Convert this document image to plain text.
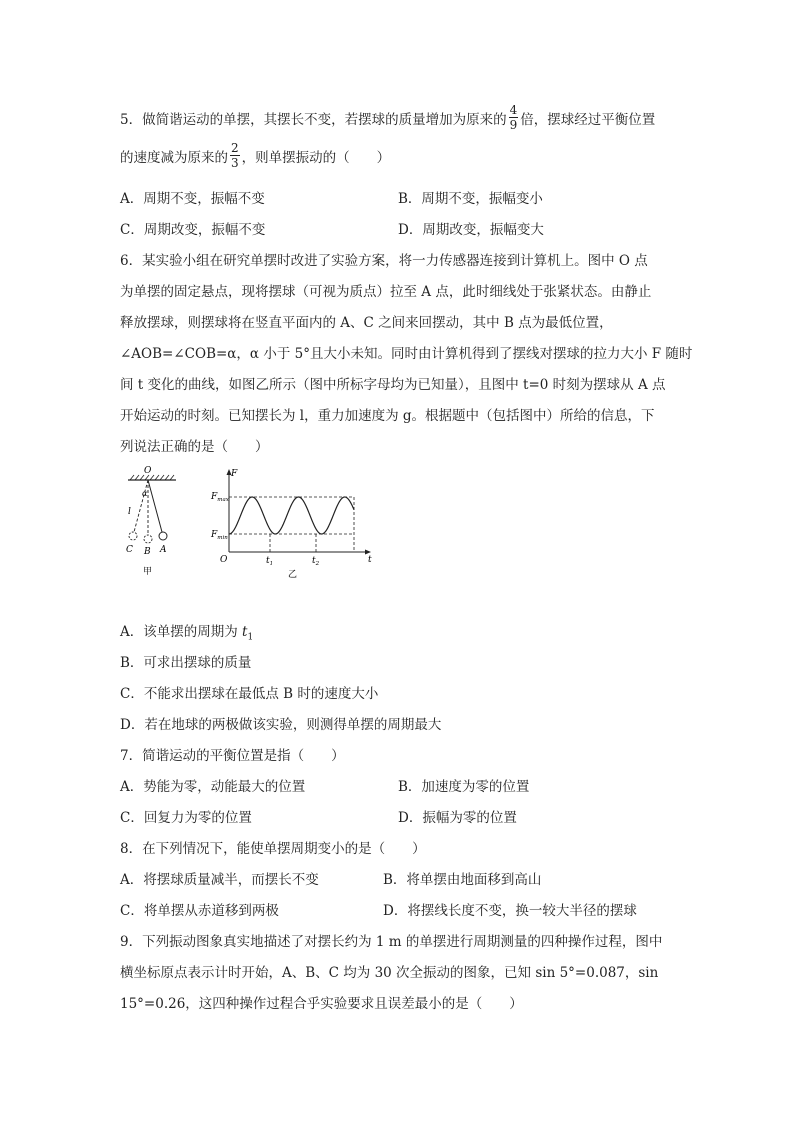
5．做简谐运动的单摆，其摆长不变，若摆球的质量增加为原来的 $\frac{4}{9}$ 倍，摆球经过平衡位置
的速度减为原来的 $\frac{2}{3}$ ，则单摆振动的（　　）
A．周期不变，振幅不变	B．周期不变，振幅变小
C．周期改变，振幅不变	D．周期改变，振幅变大
6．某实验小组在研究单摆时改进了实验方案，将一力传感器连接到计算机上。图中 O 点
为单摆的固定悬点，现将摆球（可视为质点）拉至 A 点，此时细线处于张紧状态。由静止
释放摆球，则摆球将在竖直平面内的 A、C 之间来回摆动，其中 B 点为最低位置，
∠AOB=∠COB=α，α 小于 5°且大小未知。同时由计算机得到了摆线对摆球的拉力大小 F 随时
间 t 变化的曲线，如图乙所示（图中所标字母均为已知量），且图中 t=0 时刻为摆球从 A 点
开始运动的时刻。已知摆长为 l，重力加速度为 g。根据题中（包括图中）所给的信息，下
列说法正确的是（　　）
O
α
l
A
B
C
甲
F
$F_{max}$
$F_{min}$
O	$t_1$	$t_2$	t
乙
A．该单摆的周期为 $t_1$
B．可求出摆球的质量
C．不能求出摆球在最低点 B 时的速度大小
D．若在地球的两极做该实验，则测得单摆的周期最大
7．简谐运动的平衡位置是指（　　）
A．势能为零，动能最大的位置	B．加速度为零的位置
C．回复力为零的位置	D．振幅为零的位置
8．在下列情况下，能使单摆周期变小的是（　　）
A．将摆球质量减半，而摆长不变	B．将单摆由地面移到高山
C．将单摆从赤道移到两极	D．将摆线长度不变，换一较大半径的摆球
9．下列振动图象真实地描述了对摆长约为 1 m 的单摆进行周期测量的四种操作过程，图中
横坐标原点表示计时开始，A、B、C 均为 30 次全振动的图象，已知 sin 5°=0.087，sin
15°=0.26，这四种操作过程合乎实验要求且误差最小的是（　　）
